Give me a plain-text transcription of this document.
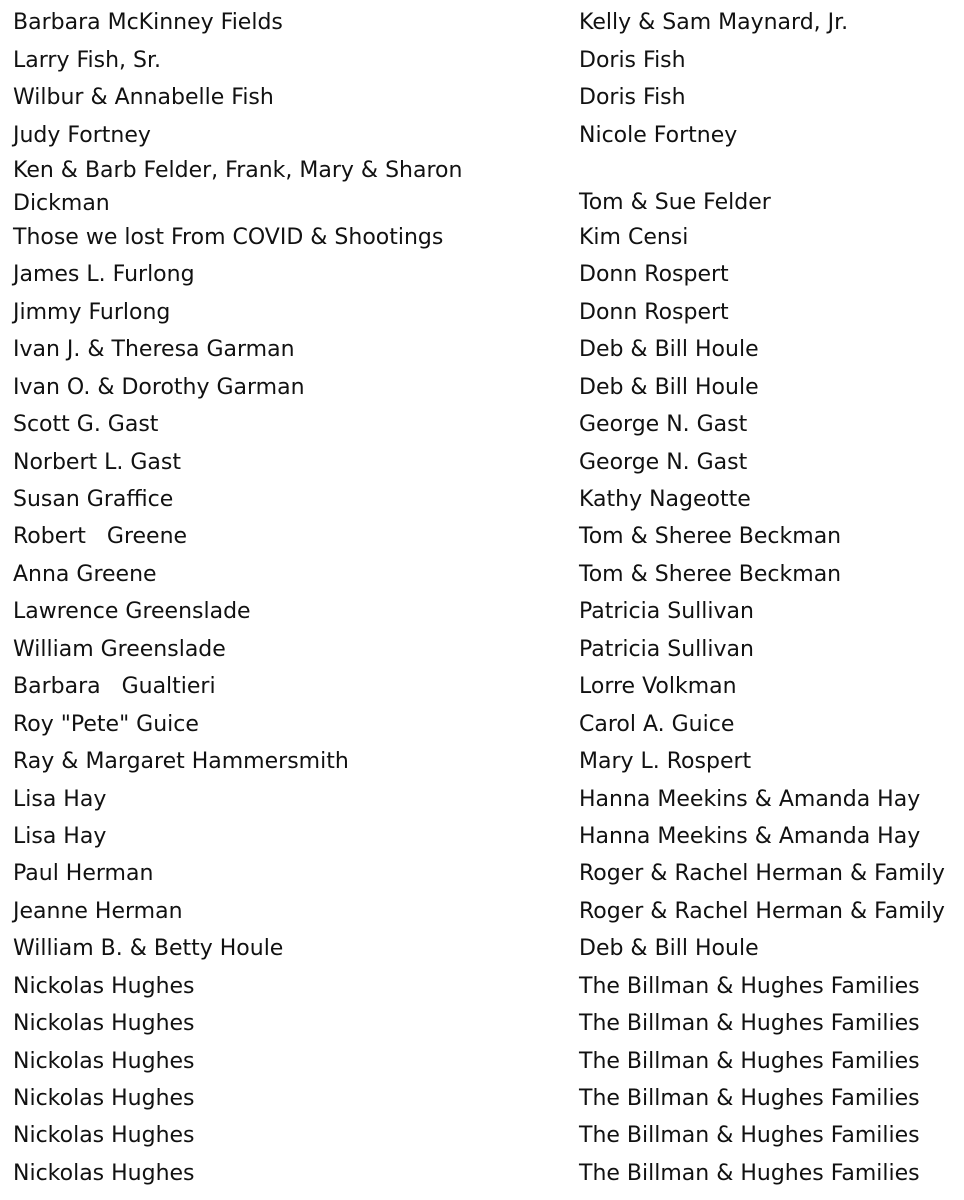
Barbara McKinney Fields	Kelly & Sam Maynard, Jr.
Larry Fish, Sr.	Doris Fish
Wilbur & Annabelle Fish	Doris Fish
Judy Fortney	Nicole Fortney
Ken & Barb Felder, Frank, Mary & Sharon Dickman	Tom & Sue Felder
Those we lost From COVID & Shootings	Kim Censi
James L. Furlong	Donn Rospert
Jimmy Furlong	Donn Rospert
Ivan J. & Theresa Garman	Deb & Bill Houle
Ivan O. & Dorothy Garman	Deb & Bill Houle
Scott G. Gast	George N. Gast
Norbert L. Gast	George N. Gast
Susan Graffice	Kathy Nageotte
Robert   Greene	Tom & Sheree Beckman
Anna Greene	Tom & Sheree Beckman
Lawrence Greenslade	Patricia Sullivan
William Greenslade	Patricia Sullivan
Barbara   Gualtieri	Lorre Volkman
Roy "Pete" Guice	Carol A. Guice
Ray & Margaret Hammersmith	Mary L. Rospert
Lisa Hay	Hanna Meekins & Amanda Hay
Lisa Hay	Hanna Meekins & Amanda Hay
Paul Herman	Roger & Rachel Herman & Family
Jeanne Herman	Roger & Rachel Herman & Family
William B. & Betty Houle	Deb & Bill Houle
Nickolas Hughes	The Billman & Hughes Families
Nickolas Hughes	The Billman & Hughes Families
Nickolas Hughes	The Billman & Hughes Families
Nickolas Hughes	The Billman & Hughes Families
Nickolas Hughes	The Billman & Hughes Families
Nickolas Hughes	The Billman & Hughes Families
